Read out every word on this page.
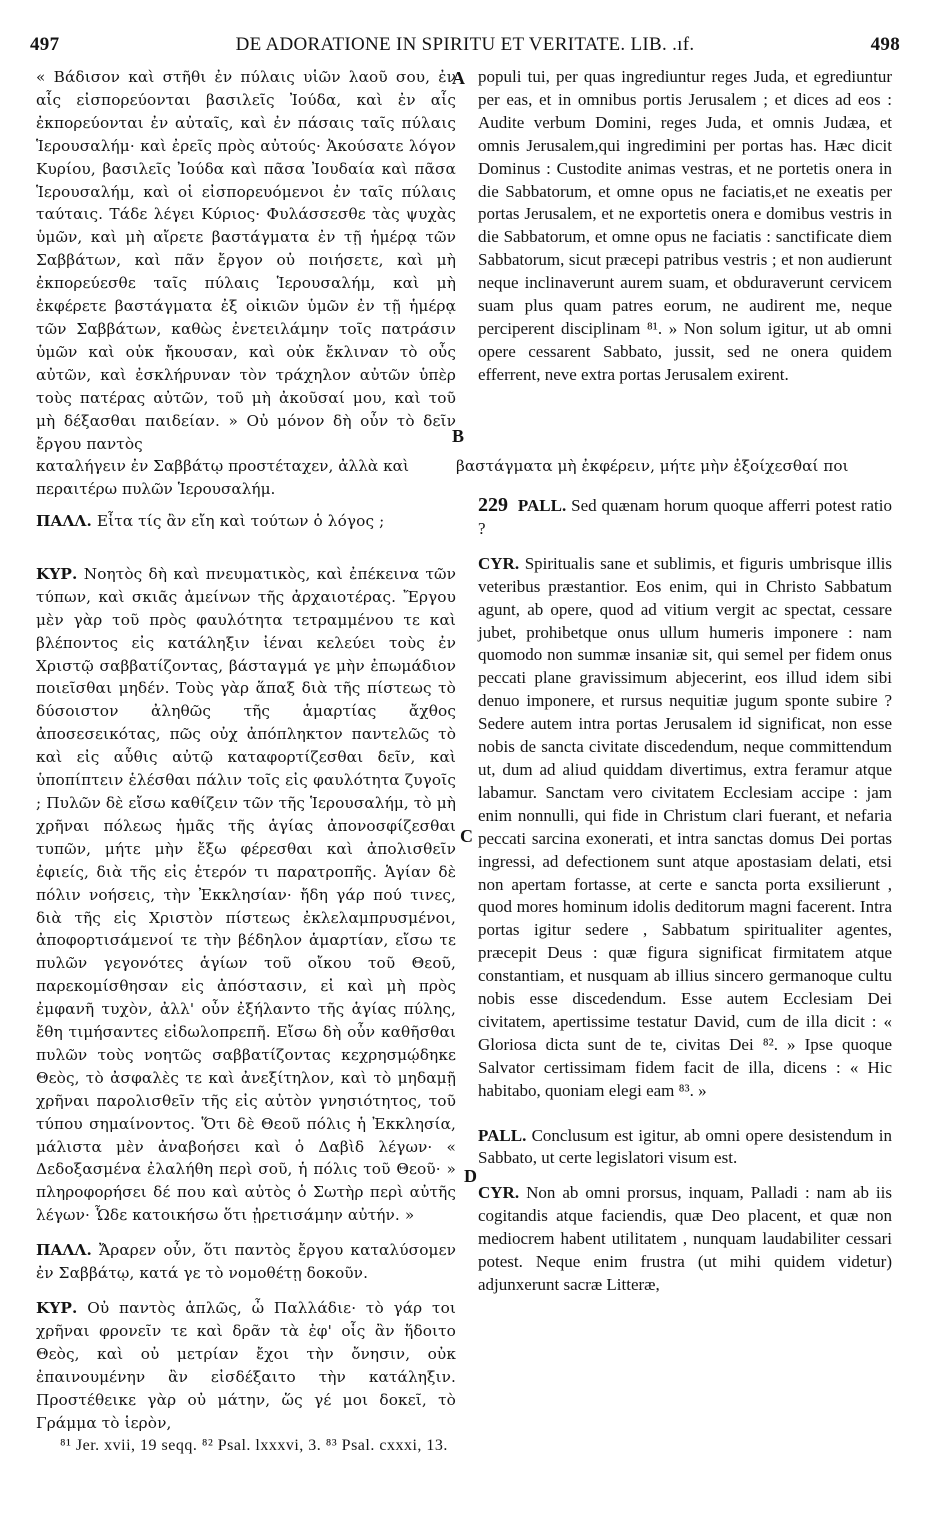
497	DE ADORATIONE IN SPIRITU ET VERITATE. LIB. .ıf.	498

« Βάδισον καὶ στῆθι ἐν πύλαις υἱῶν λαοῦ σου, ἐν αἷς εἰσπορεύονται βασιλεῖς Ἰούδα, καὶ ἐν αἷς ἐκπορεύονται ἐν αὐταῖς, καὶ ἐν πάσαις ταῖς πύλαις Ἱερουσαλήμ· καὶ ἐρεῖς πρὸς αὐτούς· Ἀκούσατε λόγον Κυρίου, βασιλεῖς Ἰούδα καὶ πᾶσα Ἰουδαία καὶ πᾶσα Ἱερουσαλήμ, καὶ οἱ εἰσπορευόμενοι ἐν ταῖς πύλαις ταύταις. Τάδε λέγει Κύριος· Φυλάσσεσθε τὰς ψυχὰς ὑμῶν, καὶ μὴ αἴρετε βαστάγματα ἐν τῇ ἡμέρᾳ τῶν Σαββάτων, καὶ πᾶν ἔργον οὐ ποιήσετε, καὶ μὴ ἐκπορεύεσθε ταῖς πύλαις Ἱερουσαλήμ, καὶ μὴ ἐκφέρετε βαστάγματα ἐξ οἰκιῶν ὑμῶν ἐν τῇ ἡμέρᾳ τῶν Σαββάτων, καθὼς ἐνετειλάμην τοῖς πατράσιν ὑμῶν καὶ οὐκ ἤκουσαν, καὶ οὐκ ἔκλιναν τὸ οὖς αὐτῶν, καὶ ἐσκλήρυναν τὸν τράχηλον αὐτῶν ὑπὲρ τοὺς πατέρας αὐτῶν, τοῦ μὴ ἀκοῦσαί μου, καὶ τοῦ μὴ δέξασθαι παιδείαν. » Οὐ μόνον δὴ οὖν τὸ δεῖν ἔργου παντὸς

populi tui, per quas ingrediuntur reges Juda, et egrediuntur per eas, et in omnibus portis Jerusalem ; et dices ad eos : Audite verbum Domini, reges Juda, et omnis Judæa, et omnis Jerusalem,qui ingredimini per portas has. Hæc dicit Dominus : Custodite animas vestras, et ne portetis onera in die Sabbatorum, et omne opus ne faciatis,et ne exeatis per portas Jerusalem, et ne exportetis onera e domibus vestris in die Sabbatorum, et omne opus ne faciatis : sanctificate diem Sabbatorum, sicut præcepi patribus vestris ; et non audierunt neque inclinaverunt aurem suam, et obduraverunt cervicem suam plus quam patres eorum, ne audirent me, neque perciperent disciplinam ⁸¹. » Non solum igitur, ut ab omni opere cessarent Sabbato, jussit, sed ne onera quidem efferrent, neve extra portas Jerusalem exirent.

καταλήγειν ἐν Σαββάτῳ προστέταχεν, ἀλλὰ καὶ	βαστάγματα μὴ ἐκφέρειν, μήτε μὴν ἐξοίχεσθαί ποι
περαιτέρω πυλῶν Ἱερουσαλήμ.

ΠΑΛΛ. Εἶτα τίς ἂν εἴη καὶ τούτων ὁ λόγος ;

ΚΥΡ. Νοητὸς δὴ καὶ πνευματικὸς, καὶ ἐπέκεινα τῶν τύπων, καὶ σκιᾶς ἀμείνων τῆς ἀρχαιοτέρας. Ἔργου μὲν γὰρ τοῦ πρὸς φαυλότητα τετραμμένου τε καὶ βλέποντος εἰς κατάληξιν ἰέναι κελεύει τοὺς ἐν Χριστῷ σαββατίζοντας, βάσταγμά γε μὴν ἐπωμάδιον ποιεῖσθαι μηδέν. Τοὺς γὰρ ἅπαξ διὰ τῆς πίστεως τὸ δύσοιστον ἀληθῶς τῆς ἁμαρτίας ἄχθος ἀποσεσεικότας, πῶς οὐχ ἀπόπληκτον παντελῶς τὸ καὶ εἰς αὖθις αὐτῷ καταφορτίζεσθαι δεῖν, καὶ ὑποπίπτειν ἑλέσθαι πάλιν τοῖς εἰς φαυλότητα ζυγοῖς ; Πυλῶν δὲ εἴσω καθίζειν τῶν τῆς Ἱερουσαλήμ, τὸ μὴ χρῆναι πόλεως ἡμᾶς τῆς ἁγίας ἀπονοσφίζεσθαι τυπῶν, μήτε μὴν ἔξω φέρεσθαι καὶ ἀπολισθεῖν ἐφιείς, διὰ τῆς εἰς ἑτερόν τι παρατροπῆς. Ἁγίαν δὲ πόλιν νοήσεις, τὴν Ἐκκλησίαν· ἤδη γάρ πού τινες, διὰ τῆς εἰς Χριστὸν πίστεως ἐκλελαμπρυσμένοι, ἀποφορτισάμενοί τε τὴν βέδηλον ἁμαρτίαν, εἴσω τε πυλῶν γεγονότες ἁγίων τοῦ οἴκου τοῦ Θεοῦ, παρεκομίσθησαν εἰς ἀπόστασιν, εἰ καὶ μὴ πρὸς ἐμφανῆ τυχὸν, ἀλλ' οὖν ἐξήλαντο τῆς ἁγίας πύλης, ἔθη τιμήσαντες εἰδωλοπρεπῆ. Εἴσω δὴ οὖν καθῆσθαι πυλῶν τοὺς νοητῶς σαββατίζοντας κεχρησμῴδηκε Θεὸς, τὸ ἀσφαλὲς τε καὶ ἀνεξίτηλον, καὶ τὸ μηδαμῇ χρῆναι παρολισθεῖν τῆς εἰς αὐτὸν γνησιότητος, τοῦ τύπου σημαίνοντος. Ὅτι δὲ Θεοῦ πόλις ἡ Ἐκκλησία, μάλιστα μὲν ἀναβοήσει καὶ ὁ Δαβὶδ λέγων· « Δεδοξασμένα ἐλαλήθη περὶ σοῦ, ἡ πόλις τοῦ Θεοῦ· » πληροφορήσει δέ που καὶ αὐτὸς ὁ Σωτὴρ περὶ αὐτῆς λέγων· Ὧδε κατοικήσω ὅτι ᾐρετισάμην αὐτήν. »

ΠΑΛΛ. Ἄραρεν οὖν, ὅτι παντὸς ἔργου καταλύσομεν ἐν Σαββάτῳ, κατά γε τὸ νομοθέτῃ δοκοῦν.

ΚΥΡ. Οὐ παντὸς ἁπλῶς, ὦ Παλλάδιε· τὸ γάρ τοι χρῆναι φρονεῖν τε καὶ δρᾶν τὰ ἐφ' οἷς ἂν ἥδοιτο Θεὸς, καὶ οὐ μετρίαν ἔχοι τὴν ὄνησιν, οὐκ ἐπαινουμένην ἂν εἰσδέξαιτο τὴν κατάληξιν. Προστέθεικε γὰρ οὐ μάτην, ὥς γέ μοι δοκεῖ, τὸ Γράμμα τὸ ἱερὸν,

229 PALL. Sed quænam horum quoque afferri potest ratio ?

CYR. Spiritualis sane et sublimis, et figuris umbrisque illis veteribus præstantior. Eos enim, qui in Christo Sabbatum agunt, ab opere, quod ad vitium vergit ac spectat, cessare jubet, prohibetque onus ullum humeris imponere : nam quomodo non summæ insaniæ sit, qui semel per fidem onus peccati plane gravissimum abjecerint, eos illud idem sibi denuo imponere, et rursus nequitiæ jugum sponte subire ? Sedere autem intra portas Jerusalem id significat, non esse nobis de sancta civitate discedendum, neque committendum ut, dum ad aliud quiddam divertimus, extra feramur atque labamur. Sanctam vero civitatem Ecclesiam accipe : jam enim nonnulli, qui fide in Christum clari fuerant, et nefaria peccati sarcina exonerati, et intra sanctas domus Dei portas ingressi, ad defectionem sunt atque apostasiam delati, etsi non apertam fortasse, at certe e sancta porta exsilierunt , quod mores hominum idolis deditorum magni facerent. Intra portas igitur sedere , Sabbatum spiritualiter agentes, præcepit Deus : quæ figura significat firmitatem atque constantiam, et nusquam ab illius sincero germanoque cultu nobis esse discedendum. Esse autem Ecclesiam Dei civitatem, apertissime testatur David, cum de illa dicit : « Gloriosa dicta sunt de te, civitas Dei ⁸². » Ipse quoque Salvator certissimam fidem facit de illa, dicens : « Hic habitabo, quoniam elegi eam ⁸³. »

PALL. Conclusum est igitur, ab omni opere desistendum in Sabbato, ut certe legislatori visum est.

CYR. Non ab omni prorsus, inquam, Palladi : nam ab iis cogitandis atque faciendis, quæ Deo placent, et quæ non mediocrem habent utilitatem , nunquam laudabiliter cessari potest. Neque enim frustra (ut mihi quidem videtur) adjunxerunt sacræ Litteræ,

A
B
C
D
⁸¹ Jer. xvii, 19 seqq. ⁸² Psal. lxxxvi, 3. ⁸³ Psal. cxxxi, 13.
